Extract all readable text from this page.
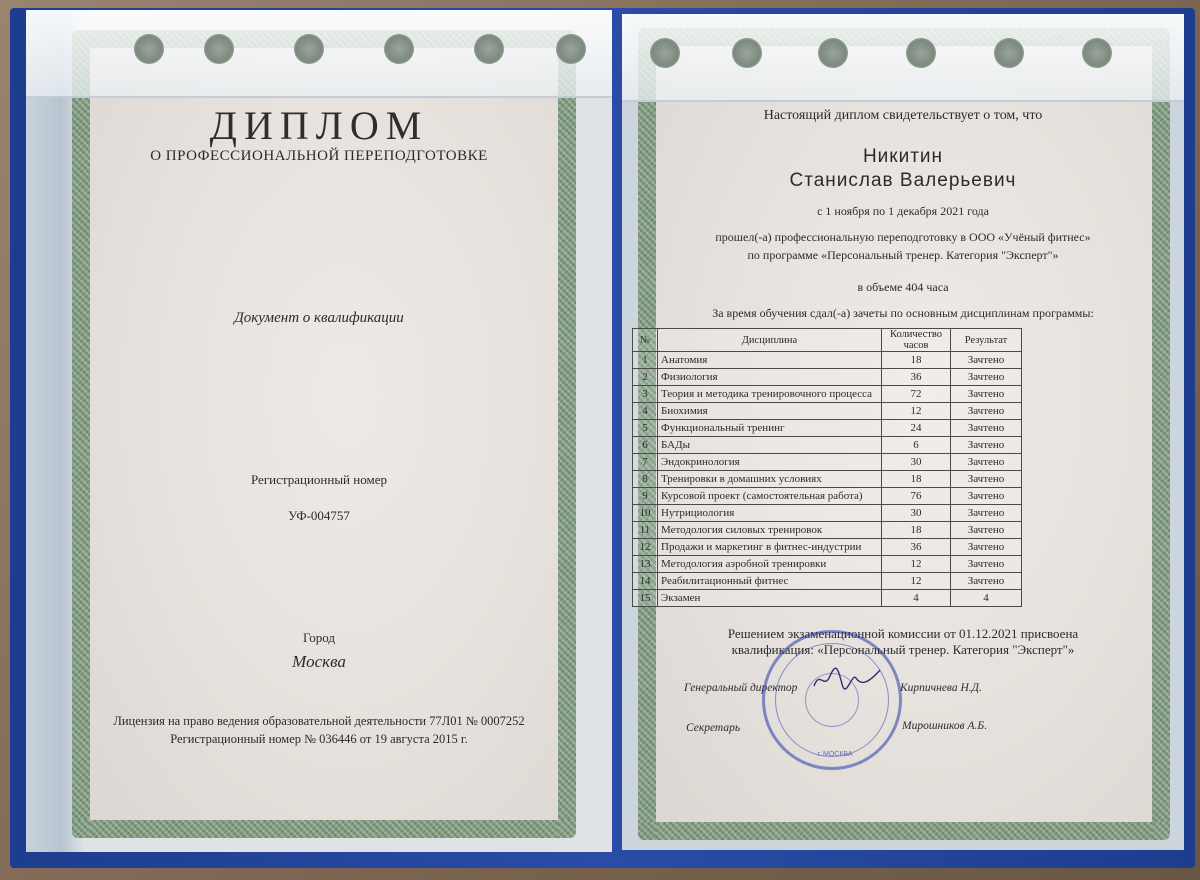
ДИПЛОМ
О ПРОФЕССИОНАЛЬНОЙ ПЕРЕПОДГОТОВКЕ
Документ о квалификации
Регистрационный номер
УФ-004757
Город
Москва
Лицензия на право ведения образовательной деятельности 77Л01 № 0007252
Регистрационный номер № 036446 от 19 августа 2015 г.
Настоящий диплом свидетельствует о том, что
Никитин
Станислав Валерьевич
с 1 ноября по 1 декабря 2021 года
прошел(-а) профессиональную переподготовку в ООО «Учёный фитнес»
по программе «Персональный тренер. Категория "Эксперт"»
в объеме 404 часа
За время обучения сдал(-а) зачеты по основным дисциплинам программы:
№	Дисциплина	Количество часов	Результат
1	Анатомия	18	Зачтено
2	Физиология	36	Зачтено
3	Теория и методика тренировочного процесса	72	Зачтено
4	Биохимия	12	Зачтено
5	Функциональный тренинг	24	Зачтено
6	БАДы	6	Зачтено
7	Эндокринология	30	Зачтено
8	Тренировки в домашних условиях	18	Зачтено
9	Курсовой проект (самостоятельная работа)	76	Зачтено
10	Нутрициология	30	Зачтено
11	Методология силовых тренировок	18	Зачтено
12	Продажи и маркетинг в фитнес-индустрии	36	Зачтено
13	Методология аэробной тренировки	12	Зачтено
14	Реабилитационный фитнес	12	Зачтено
15	Экзамен	4	4
Решением экзаменационной комиссии от 01.12.2021 присвоена
квалификация: «Персональный тренер. Категория "Эксперт"»
Генеральный директор	Кирпичнева Н.Д.
Секретарь	Мирошников А.Б.
г. МОСКВА
